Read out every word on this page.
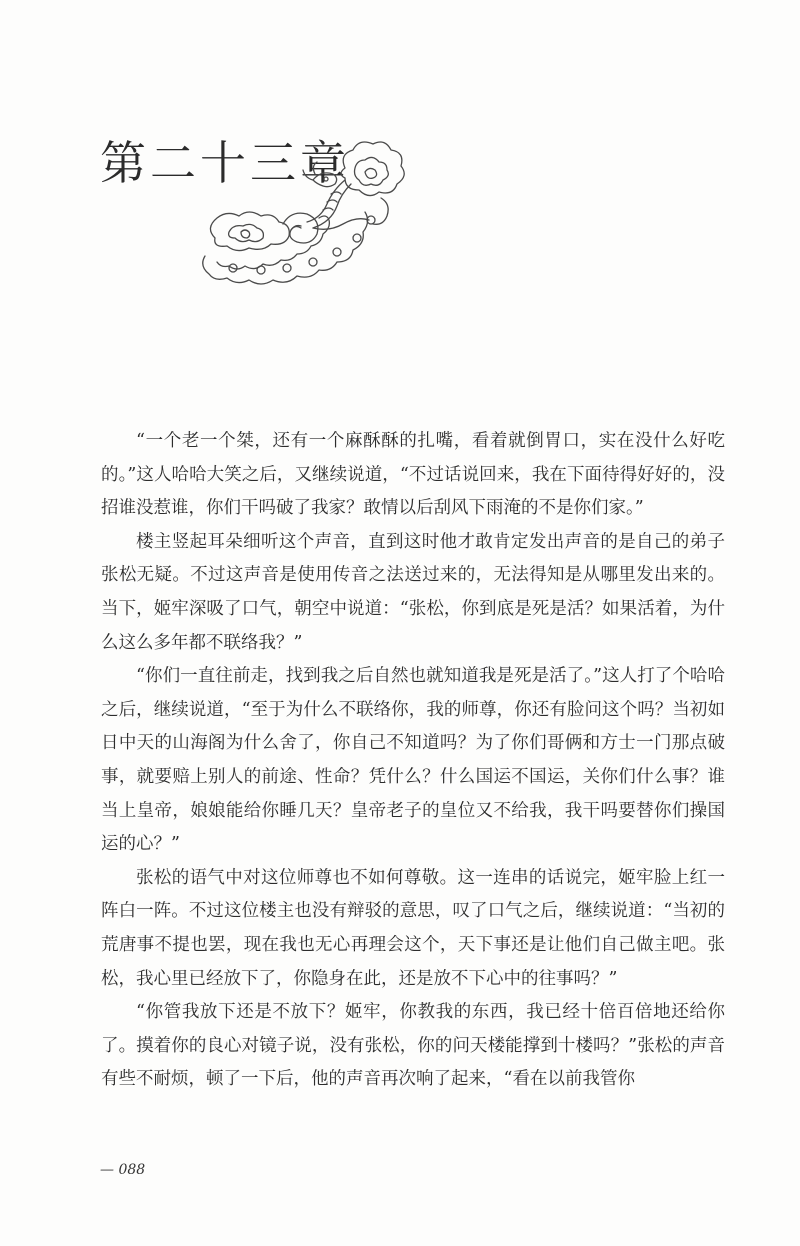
第二十三章

“一个老一个桀，还有一个麻酥酥的扎嘴，看着就倒胃口，实在没什么好吃的。”这人哈哈大笑之后，又继续说道，“不过话说回来，我在下面待得好好的，没招谁没惹谁，你们干吗破了我家？敢情以后刮风下雨淹的不是你们家。”

楼主竖起耳朵细听这个声音，直到这时他才敢肯定发出声音的是自己的弟子张松无疑。不过这声音是使用传音之法送过来的，无法得知是从哪里发出来的。当下，姬牢深吸了口气，朝空中说道：“张松，你到底是死是活？如果活着，为什么这么多年都不联络我？”

“你们一直往前走，找到我之后自然也就知道我是死是活了。”这人打了个哈哈之后，继续说道，“至于为什么不联络你，我的师尊，你还有脸问这个吗？当初如日中天的山海阁为什么舍了，你自己不知道吗？为了你们哥俩和方士一门那点破事，就要赔上别人的前途、性命？凭什么？什么国运不国运，关你们什么事？谁当上皇帝，娘娘能给你睡几天？皇帝老子的皇位又不给我，我干吗要替你们操国运的心？”

张松的语气中对这位师尊也不如何尊敬。这一连串的话说完，姬牢脸上红一阵白一阵。不过这位楼主也没有辩驳的意思，叹了口气之后，继续说道：“当初的荒唐事不提也罢，现在我也无心再理会这个，天下事还是让他们自己做主吧。张松，我心里已经放下了，你隐身在此，还是放不下心中的往事吗？”

“你管我放下还是不放下？姬牢，你教我的东西，我已经十倍百倍地还给你了。摸着你的良心对镜子说，没有张松，你的问天楼能撑到十楼吗？”张松的声音有些不耐烦，顿了一下后，他的声音再次响了起来，“看在以前我管你

— 088
